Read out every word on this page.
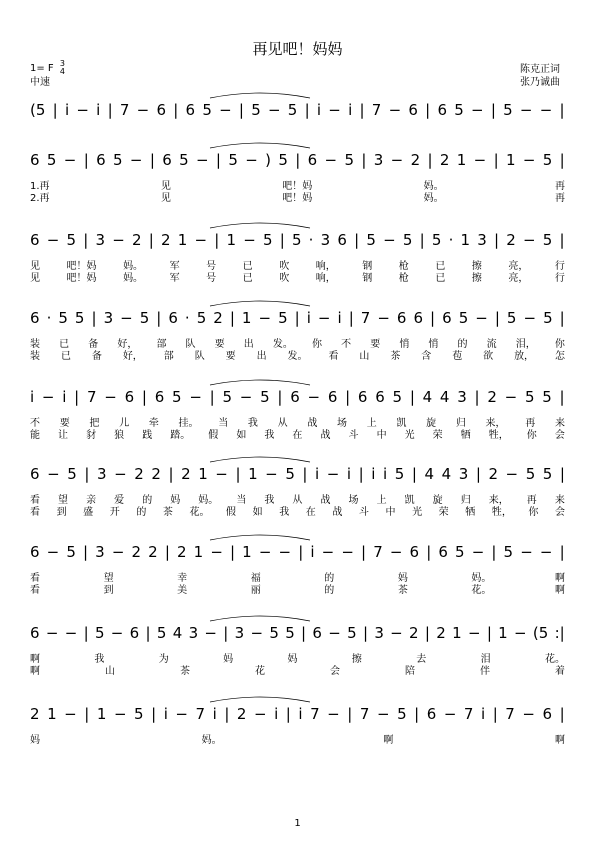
再见吧！妈妈
1= F 3
4
中速
陈克正词
张乃诚曲
(5 | i − i | 7 − 6 | 6 5 − | 5 − 5 | i − i | 7 − 6 | 6 5 − | 5 − − |
6 5 − | 6 5 − | 6 5 − | 5 − ) 5 | 6 − 5 | 3 − 2 | 2 1 − | 1 − 5 |
1.再	见	吧！妈	妈。	再
2.再	见	吧！妈	妈。	再
6 − 5 | 3 − 2 | 2 1 − | 1 − 5 | 5 · 3 6 | 5 − 5 | 5 · 1 3 | 2 − 5 |
见	吧！妈	妈。	军	号	已	吹	响，	钢	枪	已	擦	亮，	行
见	吧！妈	妈。	军	号	已	吹	响，	钢	枪	已	擦	亮，	行
6 · 5 5 | 3 − 5 | 6 · 5 2 | 1 − 5 | i − i | 7 − 6 6 | 6 5 − | 5 − 5 |
装 已 备 好， 部 队 要 出 发。 你 不 要 悄 悄 的 流 泪， 你
装 已 备 好， 部 队 要 出 发。 看 山 茶 含 苞 欲 放， 怎
i − i | 7 − 6 | 6 5 − | 5 − 5 | 6 − 6 | 6 6 5 | 4 4 3 | 2 − 5 5 |
不 要 把 儿 牵 挂。 当 我 从 战 场 上 凯 旋 归 来， 再 来
能 让 豺 狼 践 踏。 假 如 我 在 战 斗 中 光 荣 牺 牲， 你 会
6 − 5 | 3 − 2 2 | 2 1 − | 1 − 5 | i − i | i i 5 | 4 4 3 | 2 − 5 5 |
看 望 亲 爱 的 妈 妈。 当 我 从 战 场 上 凯 旋 归 来， 再 来
看 到 盛 开 的 茶 花。 假 如 我 在 战 斗 中 光 荣 牺 牲， 你 会
6 − 5 | 3 − 2 2 | 2 1 − | 1 − − | i − − | 7 − 6 | 6 5 − | 5 − − |
看	望	幸	福	的	妈	妈。	啊
看	到	美	丽	的	茶	花。	啊
6 − − | 5 − 6 | 5 4 3 − | 3 − 5 5 | 6 − 5 | 3 − 2 | 2 1 − | 1 − (5 :|
啊	我	为	妈	妈	擦	去	泪	花。
啊	山	茶	花	会	陪	伴	着
2 1 − | 1 − 5 | i − 7 i | 2 − i | i 7 − | 7 − 5 | 6 − 7 i | 7 − 6 |
妈	妈。	啊	啊
1
